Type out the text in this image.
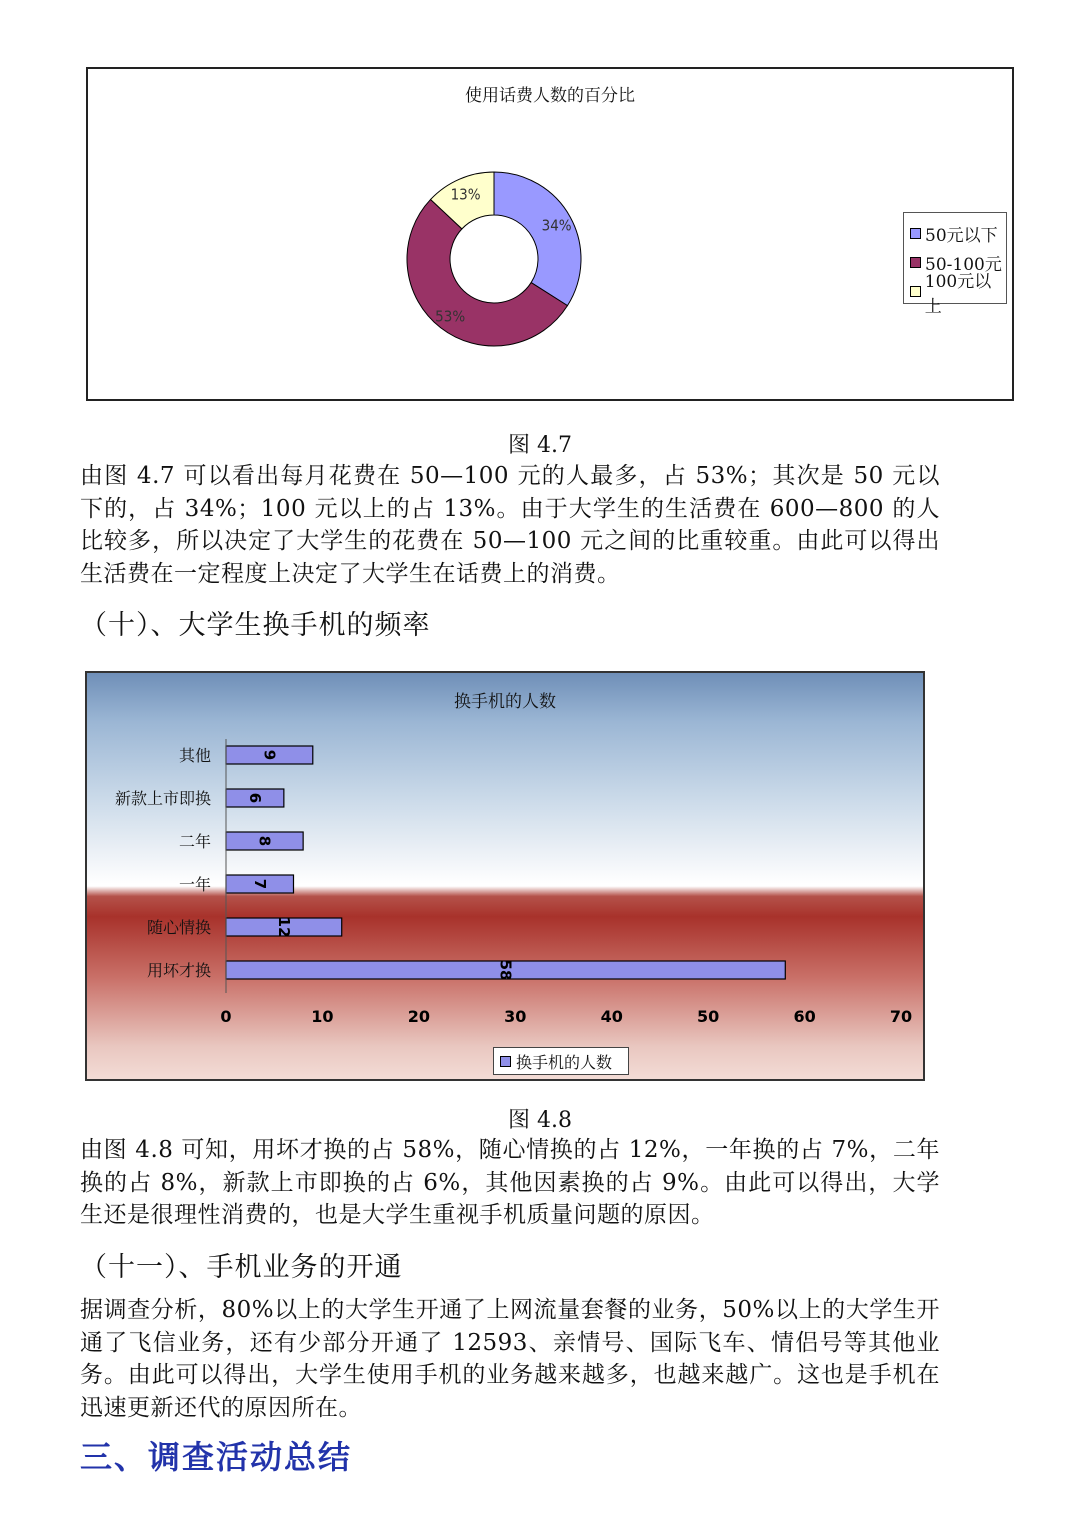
使用话费人数的百分比
34%
53%
13%
50元以下
50-100元
100元以上
图 4.7
由图 4.7 可以看出每月花费在 50—100 元的人最多，占 53%；其次是 50 元以下的，占 34%；100 元以上的占 13%。由于大学生的生活费在 600—800 的人比较多，所以决定了大学生的花费在 50—100 元之间的比重较重。由此可以得出生活费在一定程度上决定了大学生在话费上的消费。
（十）、大学生换手机的频率
换手机的人数
其他	9
新款上市即换 6
二年	8
一年	7
随心情换	12
用坏才换	58
0	10	20	30	40	50	60	70
换手机的人数
图 4.8
由图 4.8 可知，用坏才换的占 58%，随心情换的占 12%，一年换的占 7%，二年换的占 8%，新款上市即换的占 6%，其他因素换的占 9%。由此可以得出，大学生还是很理性消费的，也是大学生重视手机质量问题的原因。
（十一）、手机业务的开通
据调查分析，80%以上的大学生开通了上网流量套餐的业务，50%以上的大学生开通了飞信业务，还有少部分开通了 12593、亲情号、国际飞车、情侣号等其他业务。由此可以得出，大学生使用手机的业务越来越多，也越来越广。这也是手机在迅速更新还代的原因所在。
三、调查活动总结
